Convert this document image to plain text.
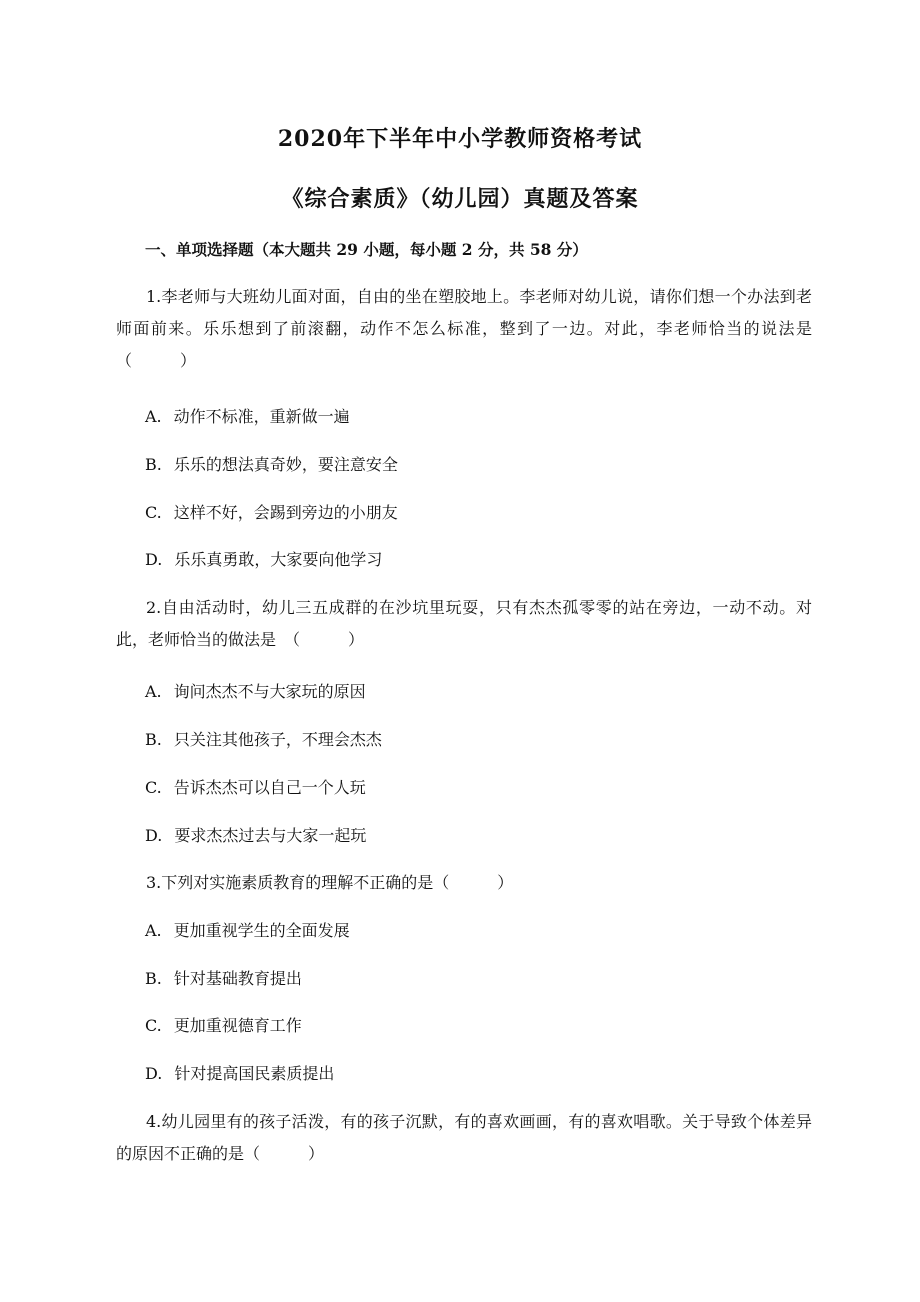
2020年下半年中小学教师资格考试
《综合素质》（幼儿园）真题及答案
一、单项选择题（本大题共 29 小题，每小题 2 分，共 58 分）
1.李老师与大班幼儿面对面，自由的坐在塑胶地上。李老师对幼儿说，请你们想一个办法到老师面前来。乐乐想到了前滚翻，动作不怎么标准，整到了一边。对此，李老师恰当的说法是（　　　）
A. 动作不标准，重新做一遍
B. 乐乐的想法真奇妙，要注意安全
C. 这样不好，会踢到旁边的小朋友
D. 乐乐真勇敢，大家要向他学习
2.自由活动时，幼儿三五成群的在沙坑里玩耍，只有杰杰孤零零的站在旁边，一动不动。对此，老师恰当的做法是　（　　　）
A. 询问杰杰不与大家玩的原因
B. 只关注其他孩子，不理会杰杰
C. 告诉杰杰可以自己一个人玩
D. 要求杰杰过去与大家一起玩
3.下列对实施素质教育的理解不正确的是（　　　）
A. 更加重视学生的全面发展
B. 针对基础教育提出
C. 更加重视德育工作
D. 针对提高国民素质提出
4.幼儿园里有的孩子活泼，有的孩子沉默，有的喜欢画画，有的喜欢唱歌。关于导致个体差异的原因不正确的是（　　　）
